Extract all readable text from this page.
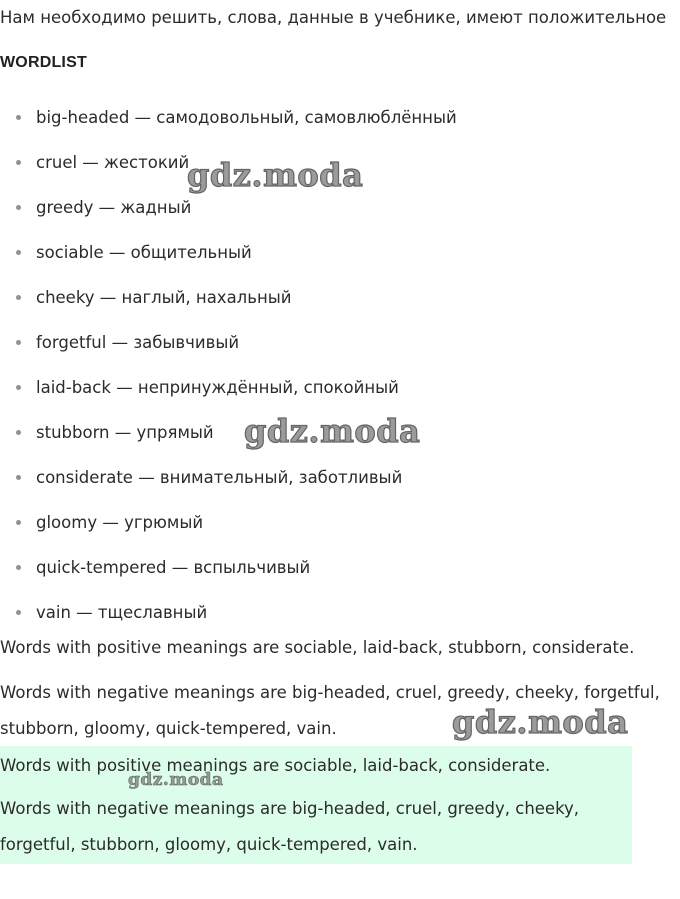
Нам необходимо решить, слова, данные в учебнике, имеют положительное
WORDLIST
big-headed — самодовольный, самовлюблённый
cruel — жестокий
greedy — жадный
sociable — общительный
cheeky — наглый, нахальный
forgetful — забывчивый
laid-back — непринуждённый, спокойный
stubborn — упрямый
considerate — внимательный, заботливый
gloomy — угрюмый
quick-tempered — вспыльчивый
vain — тщеславный

Words with positive meanings are sociable, laid-back, stubborn, considerate.

Words with negative meanings are big-headed, cruel, greedy, cheeky, forgetful, stubborn, gloomy, quick-tempered, vain.

Words with positive meanings are sociable, laid-back, considerate.
Words with negative meanings are big-headed, cruel, greedy, cheeky,
forgetful, stubborn, gloomy, quick-tempered, vain.
gdz.moda
gdz.moda
gdz.moda
gdz.moda
